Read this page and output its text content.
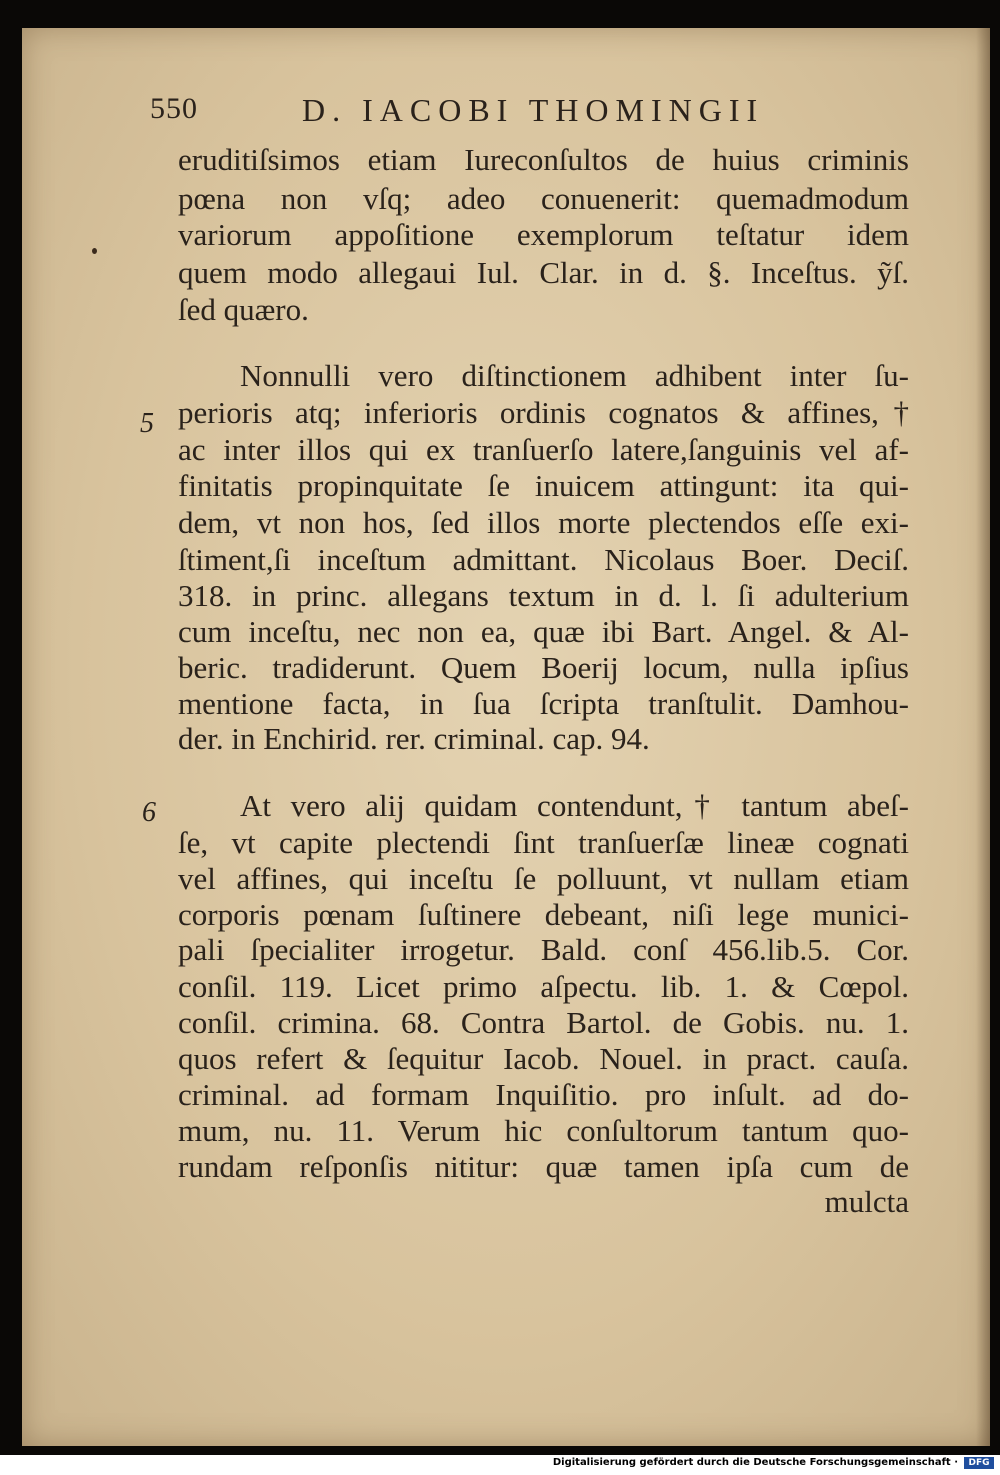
550	D. IACOBI THOMINGII
5
6
eruditiſsimos etiam Iureconſultos de huius criminis
pœna non vſq; adeo conuenerit: quemadmodum
variorum appoſitione exemplorum teſtatur idem
quem modo allegaui Iul. Clar. in d. §. Inceſtus. ỹſ.
ſed quæro.
Nonnulli vero diſtinctionem adhibent inter ſu-
perioris atq; inferioris ordinis cognatos & affines,†
ac inter illos qui ex tranſuerſo latere,ſanguinis vel af-
finitatis propinquitate ſe inuicem attingunt: ita qui-
dem, vt non hos, ſed illos morte plectendos eſſe exi-
ſtiment,ſi inceſtum admittant. Nicolaus Boer. Deciſ.
318. in princ. allegans textum in d. l. ſi adulterium
cum inceſtu, nec non ea, quæ ibi Bart. Angel. & Al-
beric. tradiderunt. Quem Boerij locum, nulla ipſius
mentione facta, in ſua ſcripta tranſtulit. Damhou-
der. in Enchirid. rer. criminal. cap. 94.
At vero alij quidam contendunt,† tantum abeſ-
ſe, vt capite plectendi ſint tranſuerſæ lineæ cognati
vel affines, qui inceſtu ſe polluunt, vt nullam etiam
corporis pœnam ſuſtinere debeant, niſi lege munici-
pali ſpecialiter irrogetur. Bald. conſ 456.lib.5. Cor.
conſil. 119. Licet primo aſpectu. lib. 1. & Cœpol.
conſil. crimina. 68. Contra Bartol. de Gobis. nu. 1.
quos refert & ſequitur Iacob. Nouel. in pract. cauſa.
criminal. ad formam Inquiſitio. pro inſult. ad do-
mum, nu. 11. Verum hic conſultorum tantum quo-
rundam reſponſis nititur: quæ tamen ipſa cum de
mulcta
Digitalisierung gefördert durch die Deutsche Forschungsgemeinschaft ·	DFG
